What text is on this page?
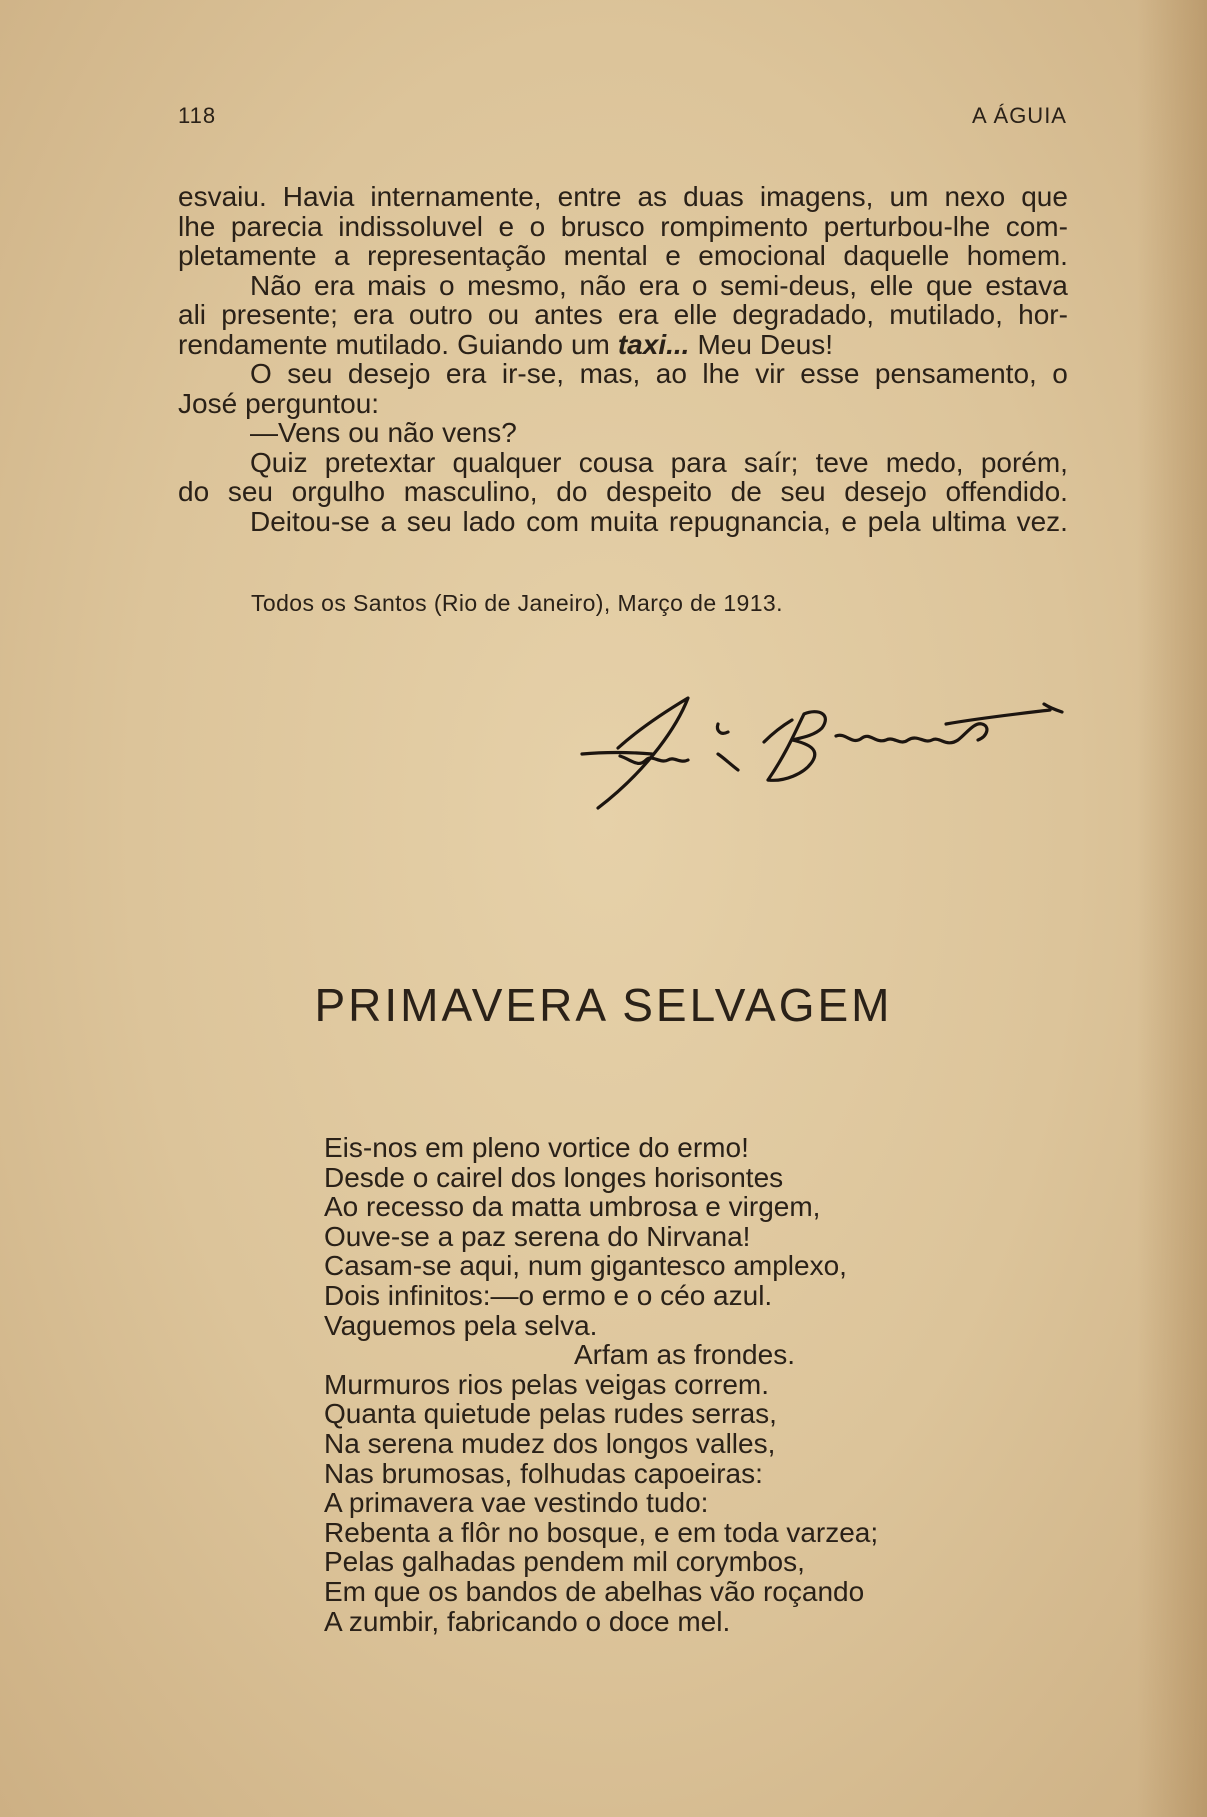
118	A ÁGUIA
esvaiu. Havia internamente, entre as duas imagens, um nexo que
lhe parecia indissoluvel e o brusco rompimento perturbou-lhe com-
pletamente a representação mental e emocional daquelle homem.
Não era mais o mesmo, não era o semi-deus, elle que estava
ali presente; era outro ou antes era elle degradado, mutilado, hor-
rendamente mutilado. Guiando um taxi... Meu Deus!
O seu desejo era ir-se, mas, ao lhe vir esse pensamento, o
José perguntou:
—Vens ou não vens?
Quiz pretextar qualquer cousa para saír; teve medo, porém,
do seu orgulho masculino, do despeito de seu desejo offendido.
Deitou-se a seu lado com muita repugnancia, e pela ultima vez.
Todos os Santos (Rio de Janeiro), Março de 1913.
PRIMAVERA SELVAGEM
Eis-nos em pleno vortice do ermo!
Desde o cairel dos longes horisontes
Ao recesso da matta umbrosa e virgem,
Ouve-se a paz serena do Nirvana!
Casam-se aqui, num gigantesco amplexo,
Dois infinitos:—o ermo e o céo azul.
Vaguemos pela selva.
Arfam as frondes.
Murmuros rios pelas veigas correm.
Quanta quietude pelas rudes serras,
Na serena mudez dos longos valles,
Nas brumosas, folhudas capoeiras:
A primavera vae vestindo tudo:
Rebenta a flôr no bosque, e em toda varzea;
Pelas galhadas pendem mil corymbos,
Em que os bandos de abelhas vão roçando
A zumbir, fabricando o doce mel.
